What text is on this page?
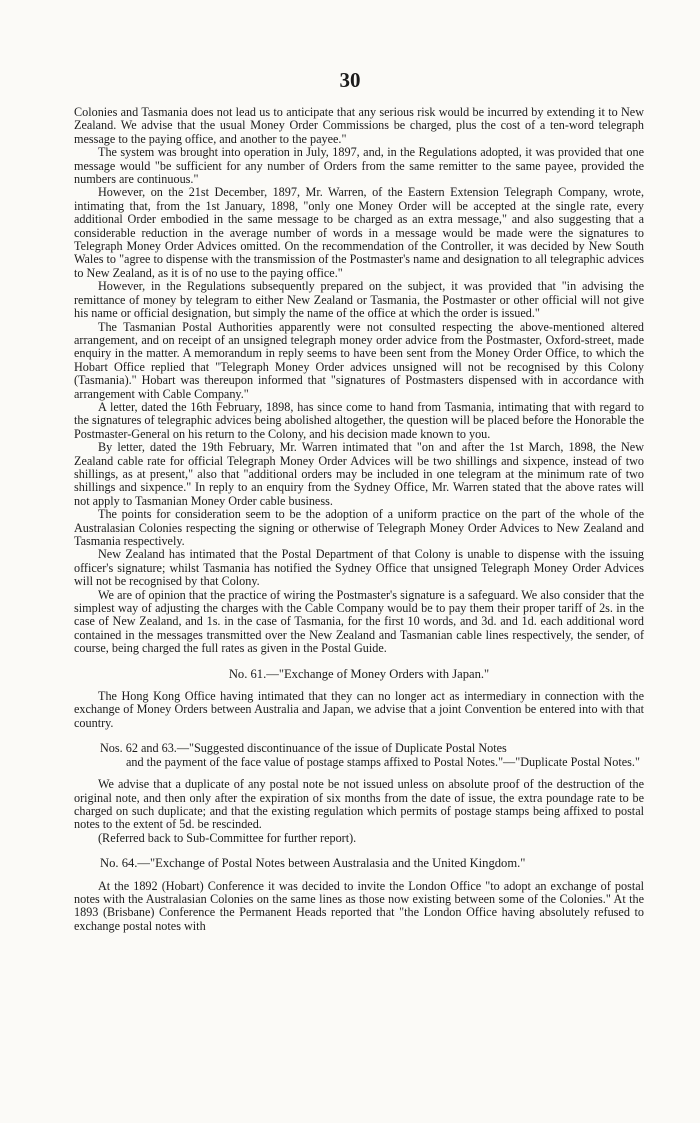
30

Colonies and Tasmania does not lead us to anticipate that any serious risk would be incurred by extending it to New Zealand. We advise that the usual Money Order Commissions be charged, plus the cost of a ten-word telegraph message to the paying office, and another to the payee."

The system was brought into operation in July, 1897, and, in the Regulations adopted, it was provided that one message would "be sufficient for any number of Orders from the same remitter to the same payee, provided the numbers are continuous."

However, on the 21st December, 1897, Mr. Warren, of the Eastern Extension Telegraph Company, wrote, intimating that, from the 1st January, 1898, "only one Money Order will be accepted at the single rate, every additional Order embodied in the same message to be charged as an extra message," and also suggesting that a considerable reduction in the average number of words in a message would be made were the signatures to Telegraph Money Order Advices omitted. On the recommendation of the Controller, it was decided by New South Wales to "agree to dispense with the transmission of the Postmaster's name and designation to all telegraphic advices to New Zealand, as it is of no use to the paying office."

However, in the Regulations subsequently prepared on the subject, it was provided that "in advising the remittance of money by telegram to either New Zealand or Tasmania, the Postmaster or other official will not give his name or official designation, but simply the name of the office at which the order is issued."

The Tasmanian Postal Authorities apparently were not consulted respecting the above-mentioned altered arrangement, and on receipt of an unsigned telegraph money order advice from the Postmaster, Oxford-street, made enquiry in the matter. A memorandum in reply seems to have been sent from the Money Order Office, to which the Hobart Office replied that "Telegraph Money Order advices unsigned will not be recognised by this Colony (Tasmania)." Hobart was thereupon informed that "signatures of Postmasters dispensed with in accordance with arrangement with Cable Company."

A letter, dated the 16th February, 1898, has since come to hand from Tasmania, intimating that with regard to the signatures of telegraphic advices being abolished altogether, the question will be placed before the Honorable the Postmaster-General on his return to the Colony, and his decision made known to you.

By letter, dated the 19th February, Mr. Warren intimated that "on and after the 1st March, 1898, the New Zealand cable rate for official Telegraph Money Order Advices will be two shillings and sixpence, instead of two shillings, as at present," also that "additional orders may be included in one telegram at the minimum rate of two shillings and sixpence." In reply to an enquiry from the Sydney Office, Mr. Warren stated that the above rates will not apply to Tasmanian Money Order cable business.

The points for consideration seem to be the adoption of a uniform practice on the part of the whole of the Australasian Colonies respecting the signing or otherwise of Telegraph Money Order Advices to New Zealand and Tasmania respectively.

New Zealand has intimated that the Postal Department of that Colony is unable to dispense with the issuing officer's signature; whilst Tasmania has notified the Sydney Office that unsigned Telegraph Money Order Advices will not be recognised by that Colony.

We are of opinion that the practice of wiring the Postmaster's signature is a safeguard. We also consider that the simplest way of adjusting the charges with the Cable Company would be to pay them their proper tariff of 2s. in the case of New Zealand, and 1s. in the case of Tasmania, for the first 10 words, and 3d. and 1d. each additional word contained in the messages transmitted over the New Zealand and Tasmanian cable lines respectively, the sender, of course, being charged the full rates as given in the Postal Guide.

No. 61.—"Exchange of Money Orders with Japan."

The Hong Kong Office having intimated that they can no longer act as intermediary in connection with the exchange of Money Orders between Australia and Japan, we advise that a joint Convention be entered into with that country.

Nos. 62 and 63.—"Suggested discontinuance of the issue of Duplicate Postal Notes
and the payment of the face value of postage stamps affixed to Postal Notes."—"Duplicate Postal Notes."

We advise that a duplicate of any postal note be not issued unless on absolute proof of the destruction of the original note, and then only after the expiration of six months from the date of issue, the extra poundage rate to be charged on such duplicate; and that the existing regulation which permits of postage stamps being affixed to postal notes to the extent of 5d. be rescinded.

(Referred back to Sub-Committee for further report).

No. 64.—"Exchange of Postal Notes between Australasia and the United Kingdom."

At the 1892 (Hobart) Conference it was decided to invite the London Office "to adopt an exchange of postal notes with the Australasian Colonies on the same lines as those now existing between some of the Colonies." At the 1893 (Brisbane) Conference the Permanent Heads reported that "the London Office having absolutely refused to exchange postal notes with
